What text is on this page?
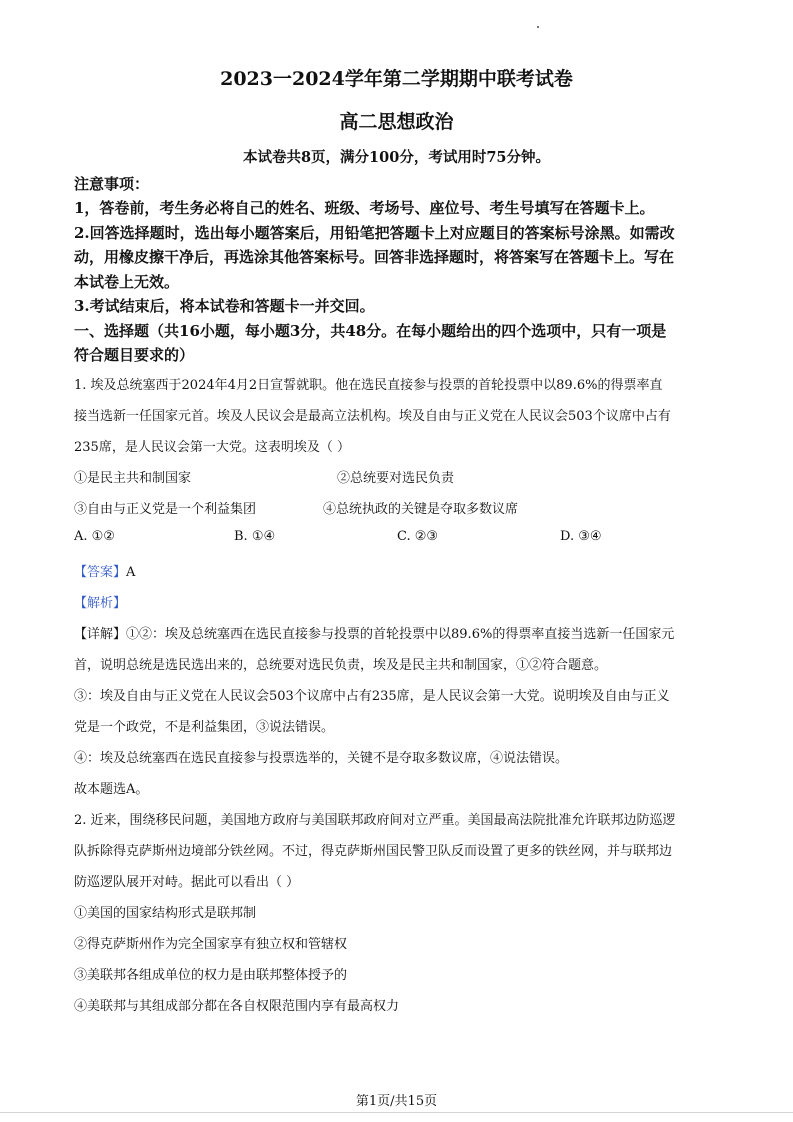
2023一2024学年第二学期期中联考试卷
高二思想政治
本试卷共8页，满分100分，考试用时75分钟。
注意事项：
1，答卷前，考生务必将自己的姓名、班级、考场号、座位号、考生号填写在答题卡上。
2.回答选择题时，选出每小题答案后，用铅笔把答题卡上对应题目的答案标号涂黑。如需改
动，用橡皮擦干净后，再选涂其他答案标号。回答非选择题时，将答案写在答题卡上。写在
本试卷上无效。
3.考试结束后，将本试卷和答题卡一并交回。
一、选择题（共16小题，每小题3分，共48分。在每小题给出的四个选项中，只有一项是
符合题目要求的）
1. 埃及总统塞西于2024年4月2日宣誓就职。他在选民直接参与投票的首轮投票中以89.6%的得票率直
接当选新一任国家元首。埃及人民议会是最高立法机构。埃及自由与正义党在人民议会503个议席中占有
235席，是人民议会第一大党。这表明埃及（ ）
①是民主共和制国家	②总统要对选民负责
③自由与正义党是一个利益集团	④总统执政的关键是夺取多数议席
A. ①②	B. ①④	C. ②③	D. ③④
【答案】A
【解析】
【详解】①②：埃及总统塞西在选民直接参与投票的首轮投票中以89.6%的得票率直接当选新一任国家元
首，说明总统是选民选出来的，总统要对选民负责，埃及是民主共和制国家，①②符合题意。
③：埃及自由与正义党在人民议会503个议席中占有235席，是人民议会第一大党。说明埃及自由与正义
党是一个政党，不是利益集团，③说法错误。
④：埃及总统塞西在选民直接参与投票选举的，关键不是夺取多数议席，④说法错误。
故本题选A。
2. 近来，围绕移民问题，美国地方政府与美国联邦政府间对立严重。美国最高法院批准允许联邦边防巡逻
队拆除得克萨斯州边境部分铁丝网。不过，得克萨斯州国民警卫队反而设置了更多的铁丝网，并与联邦边
防巡逻队展开对峙。据此可以看出（ ）
①美国的国家结构形式是联邦制
②得克萨斯州作为完全国家享有独立权和管辖权
③美联邦各组成单位的权力是由联邦整体授予的
④美联邦与其组成部分都在各自权限范围内享有最高权力
第1页/共15页
